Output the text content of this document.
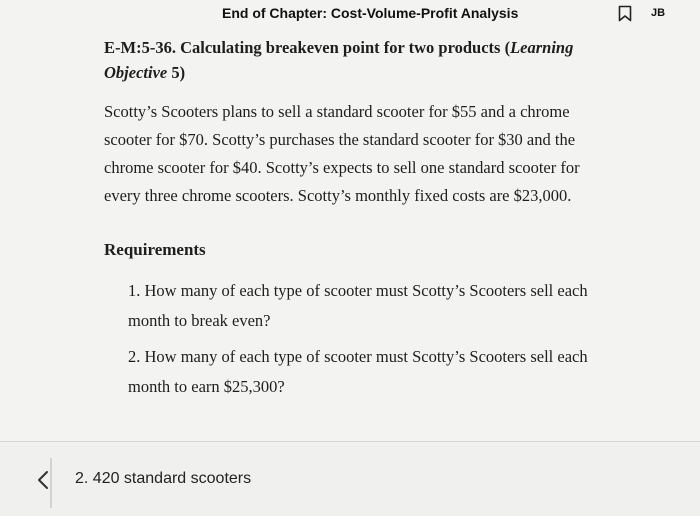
End of Chapter: Cost-Volume-Profit Analysis	JB
E-M:5-36. Calculating breakeven point for two products (Learning
Objective 5)
Scotty’s Scooters plans to sell a standard scooter for $55 and a chrome
scooter for $70. Scotty’s purchases the standard scooter for $30 and the
chrome scooter for $40. Scotty’s expects to sell one standard scooter for
every three chrome scooters. Scotty’s monthly fixed costs are $23,000.
Requirements
1. How many of each type of scooter must Scotty’s Scooters sell each
month to break even?
2. How many of each type of scooter must Scotty’s Scooters sell each
month to earn $25,300?
2. 420 standard scooters
